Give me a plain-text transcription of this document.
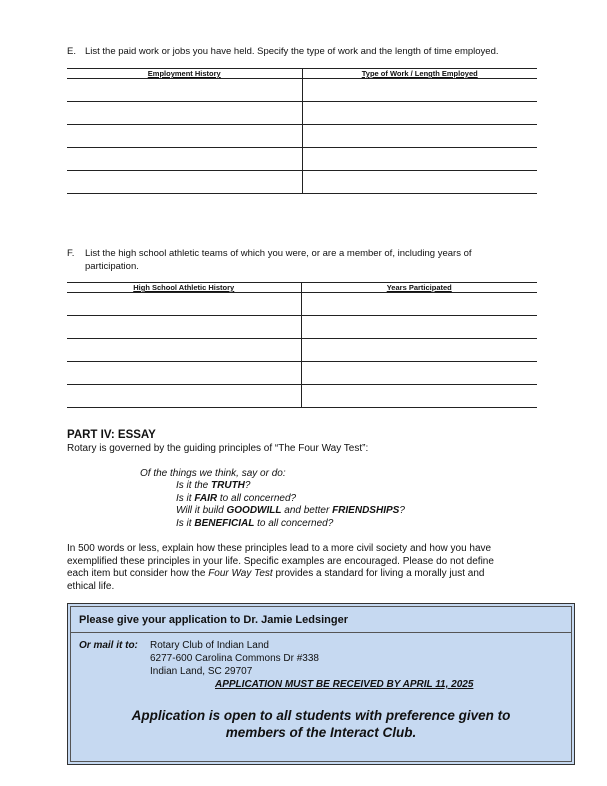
E. List the paid work or jobs you have held. Specify the type of work and the length of time employed.
Employment History	Type of Work / Length Employed

F. List the high school athletic teams of which you were, or are a member of, including years of
participation.
High School Athletic History	Years Participated

PART IV: ESSAY
Rotary is governed by the guiding principles of “The Four Way Test”:
Of the things we think, say or do:
Is it the TRUTH?
Is it FAIR to all concerned?
Will it build GOODWILL and better FRIENDSHIPS?
Is it BENEFICIAL to all concerned?
In 500 words or less, explain how these principles lead to a more civil society and how you have
exemplified these principles in your life. Specific examples are encouraged. Please do not define
each item but consider how the Four Way Test provides a standard for living a morally just and
ethical life.
Please give your application to Dr. Jamie Ledsinger
Or mail it to: Rotary Club of Indian Land
6277-600 Carolina Commons Dr #338
Indian Land, SC 29707
APPLICATION MUST BE RECEIVED BY APRIL 11, 2025
Application is open to all students with preference given to
members of the Interact Club.
